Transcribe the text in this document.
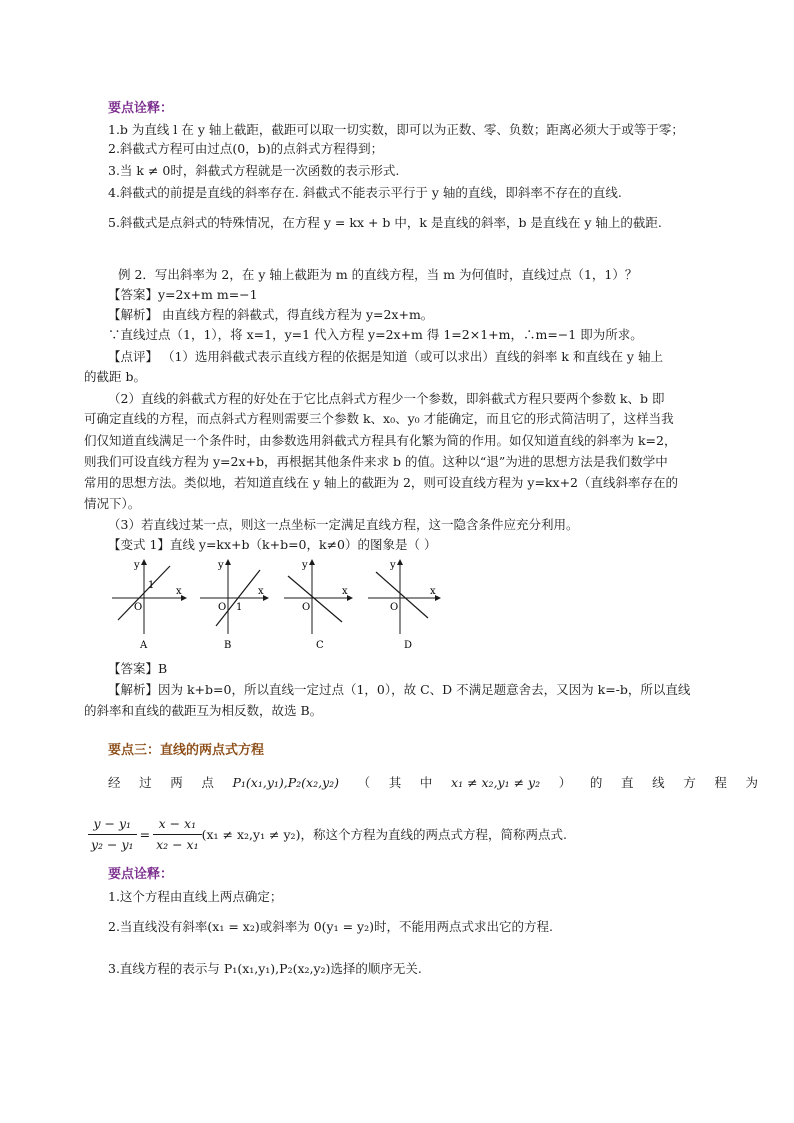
要点诠释：
1.b 为直线 l 在 y 轴上截距，截距可以取一切实数，即可以为正数、零、负数；距离必须大于或等于零；
2.斜截式方程可由过点(0，b)的点斜式方程得到；
3.当 k ≠ 0时，斜截式方程就是一次函数的表示形式.
4.斜截式的前提是直线的斜率存在. 斜截式不能表示平行于 y 轴的直线，即斜率不存在的直线.
5.斜截式是点斜式的特殊情况，在方程 y = kx + b 中，k 是直线的斜率，b 是直线在 y 轴上的截距.
例 2．写出斜率为 2，在 y 轴上截距为 m 的直线方程，当 m 为何值时，直线过点（1，1）？
【答案】y=2x+m m=−1
【解析】 由直线方程的斜截式，得直线方程为 y=2x+m。
∵直线过点（1，1），将 x=1，y=1 代入方程 y=2x+m 得 1=2×1+m，∴m=−1 即为所求。
【点评】 （1）选用斜截式表示直线方程的依据是知道（或可以求出）直线的斜率 k 和直线在 y 轴上
的截距 b。
（2）直线的斜截式方程的好处在于它比点斜式方程少一个参数，即斜截式方程只要两个参数 k、b 即
可确定直线的方程，而点斜式方程则需要三个参数 k、x₀、y₀ 才能确定，而且它的形式简洁明了，这样当我
们仅知道直线满足一个条件时，由参数选用斜截式方程具有化繁为简的作用。如仅知道直线的斜率为 k=2，
则我们可设直线方程为 y=2x+b，再根据其他条件来求 b 的值。这种以“退”为进的思想方法是我们数学中
常用的思想方法。类似地，若知道直线在 y 轴上的截距为 2，则可设直线方程为 y=kx+2（直线斜率存在的
情况下）。
（3）若直线过某一点，则这一点坐标一定满足直线方程，这一隐含条件应充分利用。
【变式 1】直线 y=kx+b（k+b=0，k≠0）的图象是（ ）
y
x
O
1
A
y
x
O 1
B
y
x
O
C
y
x
O
D
【答案】B
【解析】因为 k+b=0，所以直线一定过点（1，0），故 C、D 不满足题意舍去，又因为 k=-b，所以直线
的斜率和直线的截距互为相反数，故选 B。
要点三：直线的两点式方程
经 过 两 点 P₁(x₁,y₁),P₂(x₂,y₂) （ 其 中 x₁ ≠ x₂,y₁ ≠ y₂ ） 的 直 线 方 程 为
$\frac{\text{y − y₁}}{\text{y₂ − y₁}} = \frac{\text{x − x₁}}{\text{x₂ − x₁}} (x_1 \ne x_2,y_1 \ne y_2)$，称这个方程为直线的两点式方程，简称两点式.
要点诠释：
1.这个方程由直线上两点确定；
2.当直线没有斜率(x₁ = x₂)或斜率为 0(y₁ = y₂)时，不能用两点式求出它的方程.
3.直线方程的表示与 P₁(x₁,y₁),P₂(x₂,y₂)选择的顺序无关.
